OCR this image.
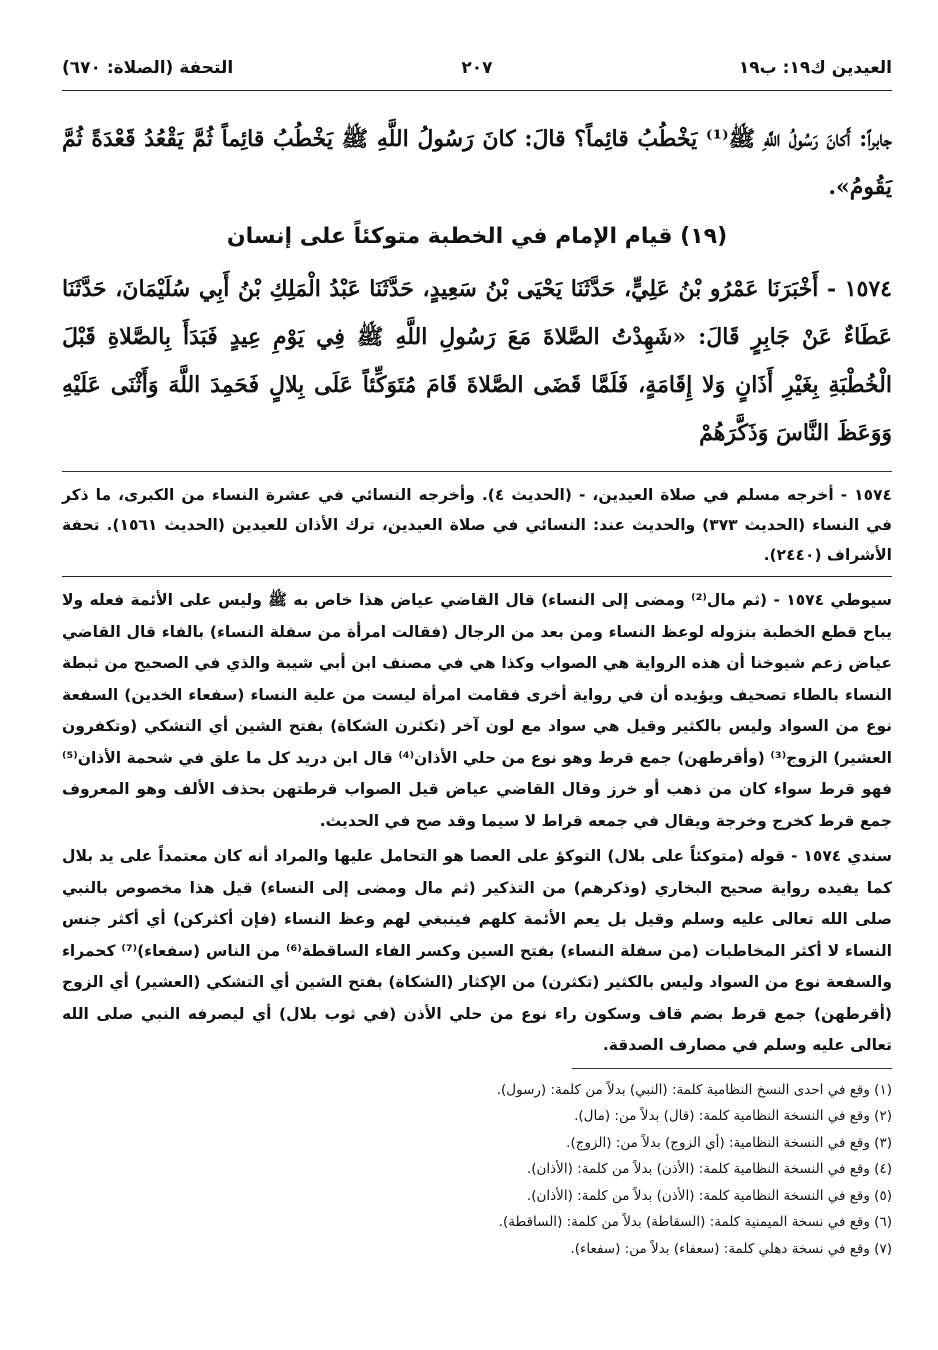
العيدين ك١٩: ب١٩
٢٠٧
التحفة (الصلاة: ٦٧٠)

جابراً: أَكانَ رَسُولُ اللَّهِ ﷺ⁽¹⁾ يَخْطُبُ قائِماً؟ قالَ: كانَ رَسُولُ اللَّهِ ﷺ يَخْطُبُ قائِماً ثُمَّ يَقْعُدُ قَعْدَةً ثُمَّ يَقُومُ».

(١٩) قيام الإمام في الخطبة متوكئاً على إنسان

١٥٧٤ - أَخْبَرَنَا عَمْرُو بْنُ عَلِيٍّ، حَدَّثَنَا يَحْيَى بْنُ سَعِيدٍ، حَدَّثَنَا عَبْدُ الْمَلِكِ بْنُ أَبِي سُلَيْمَانَ، حَدَّثَنَا عَطَاءٌ عَنْ جَابِرٍ قَالَ: «شَهِدْتُ الصَّلاةَ مَعَ رَسُولِ اللَّهِ ﷺ فِي يَوْمِ عِيدٍ فَبَدَأَ بِالصَّلاةِ قَبْلَ الْخُطْبَةِ بِغَيْرِ أَذَانٍ وَلا إِقَامَةٍ، فَلَمَّا قَضَى الصَّلاةَ قَامَ مُتَوَكِّئاً عَلَى بِلالٍ فَحَمِدَ اللَّهَ وَأَثْنَى عَلَيْهِ وَوَعَظَ النَّاسَ وَذَكَّرَهُمْ

١٥٧٤ - أخرجه مسلم في صلاة العيدين، - (الحديث ٤). وأخرجه النسائي في عشرة النساء من الكبرى، ما ذكر في النساء (الحديث ٣٧٣) والحديث عند: النسائي في صلاة العيدين، ترك الأذان للعيدين (الحديث ١٥٦١). تحفة الأشراف (٢٤٤٠).

سيوطي ١٥٧٤ - (ثم مال⁽²⁾ ومضى إلى النساء) قال القاضي عياض هذا خاص به ﷺ وليس على الأئمة فعله ولا يباح قطع الخطبة بنزوله لوعظ النساء ومن بعد من الرجال (فقالت امرأة من سفلة النساء) بالفاء قال القاضي عياض زعم شيوخنا أن هذه الرواية هي الصواب وكذا هي في مصنف ابن أبي شيبة والذي في الصحيح من ثبطة النساء بالطاء تصحيف ويؤيده أن في رواية أخرى فقامت امرأة ليست من علية النساء (سفعاء الخدين) السفعة نوع من السواد وليس بالكثير وقيل هي سواد مع لون آخر (تكثرن الشكاة) بفتح الشين أي التشكي (وتكفرون العشير) الزوج⁽³⁾ (وأقرطهن) جمع قرط وهو نوع من حلي الأذان⁽⁴⁾ قال ابن دريد كل ما علق في شحمة الأذان⁽⁵⁾ فهو قرط سواء كان من ذهب أو خرز وقال القاضي عياض قيل الصواب قرطتهن بحذف الألف وهو المعروف جمع قرط كخرج وخرجة ويقال في جمعه قراط لا سيما وقد صح في الحديث.

سندي ١٥٧٤ - قوله (متوكئاً على بلال) التوكؤ على العصا هو التحامل عليها والمراد أنه كان معتمداً على يد بلال كما يفيده رواية صحيح البخاري (وذكرهم) من التذكير (ثم مال ومضى إلى النساء) قيل هذا مخصوص بالنبي صلى الله تعالى عليه وسلم وقيل بل يعم الأئمة كلهم فينبغي لهم وعظ النساء (فإن أكثركن) أي أكثر جنس النساء لا أكثر المخاطبات (من سفلة النساء) بفتح السين وكسر الفاء الساقطة⁽⁶⁾ من الناس (سفعاء)⁽⁷⁾ كحمراء والسفعة نوع من السواد وليس بالكثير (تكثرن) من الإكثار (الشكاة) بفتح الشين أي التشكي (العشير) أي الزوج (أقرطهن) جمع قرط بضم قاف وسكون راء نوع من حلي الأذن (في ثوب بلال) أي ليصرفه النبي صلى الله تعالى عليه وسلم في مصارف الصدقة.

(١) وقع في احدى النسخ النظامية كلمة: (النبي) بدلاً من كلمة: (رسول).
(٢) وقع في النسخة النظامية كلمة: (قال) بدلاً من: (مال).
(٣) وقع في النسخة النظامية: (أي الزوج) بدلاً من: (الزوج).
(٤) وقع في النسخة النظامية كلمة: (الأذن) بدلاً من كلمة: (الأذان).
(٥) وقع في النسخة النظامية كلمة: (الأذن) بدلاً من كلمة: (الأذان).
(٦) وقع في نسخة الميمنية كلمة: (السقاطة) بدلاً من كلمة: (الساقطة).
(٧) وقع في نسخة دهلي كلمة: (سعفاء) بدلاً من: (سفعاء).
